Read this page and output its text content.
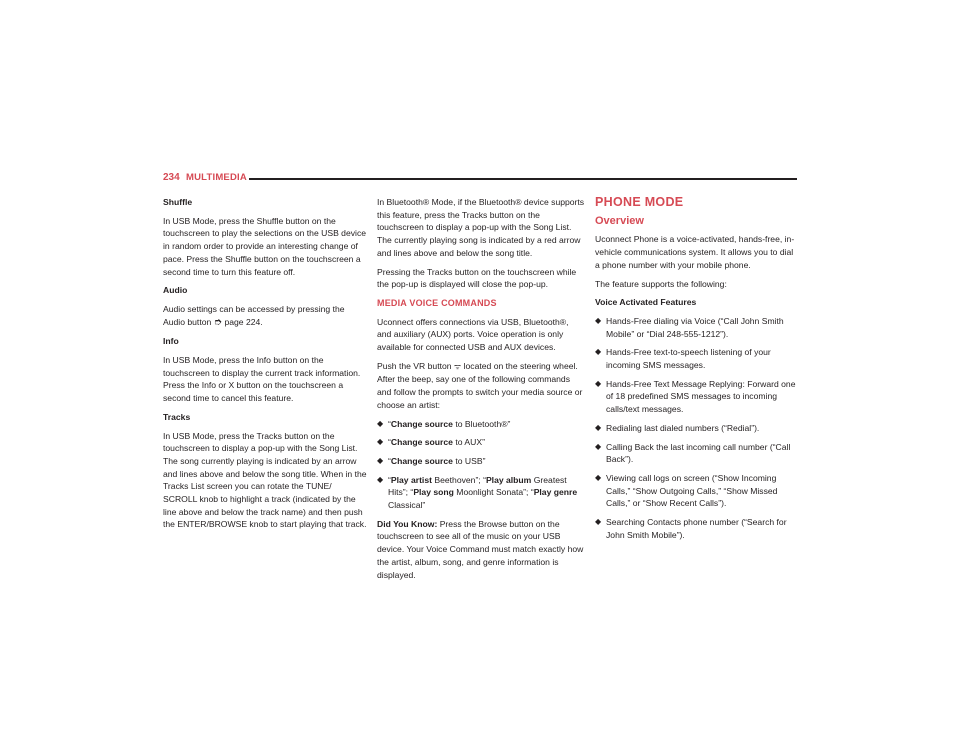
234 MULTIMEDIA

Shuffle

In USB Mode, press the Shuffle button on the touchscreen to play the selections on the USB device in random order to provide an interesting change of pace. Press the Shuffle button on the touchscreen a second time to turn this feature off.

Audio

Audio settings can be accessed by pressing the Audio button ➮ page 224.

Info

In USB Mode, press the Info button on the touchscreen to display the current track information. Press the Info or X button on the touchscreen a second time to cancel this feature.

Tracks

In USB Mode, press the Tracks button on the touchscreen to display a pop-up with the Song List. The song currently playing is indicated by an arrow and lines above and below the song title. When in the Tracks List screen you can rotate the TUNE/ SCROLL knob to highlight a track (indicated by the line above and below the track name) and then push the ENTER/BROWSE knob to start playing that track.

In Bluetooth® Mode, if the Bluetooth® device supports this feature, press the Tracks button on the touchscreen to display a pop-up with the Song List. The currently playing song is indicated by a red arrow and lines above and below the song title.

Pressing the Tracks button on the touchscreen while the pop-up is displayed will close the pop-up.

MEDIA VOICE COMMANDS

Uconnect offers connections via USB, Bluetooth®, and auxiliary (AUX) ports. Voice operation is only available for connected USB and AUX devices.

Push the VR button ᯤ located on the steering wheel. After the beep, say one of the following commands and follow the prompts to switch your media source or choose an artist:

◆ “Change source to Bluetooth®”
◆ “Change source to AUX”
◆ “Change source to USB”
◆ “Play artist Beethoven”; “Play album Greatest Hits”; “Play song Moonlight Sonata”; “Play genre Classical”

Did You Know: Press the Browse button on the touchscreen to see all of the music on your USB device. Your Voice Command must match exactly how the artist, album, song, and genre information is displayed.

PHONE MODE

Overview

Uconnect Phone is a voice-activated, hands-free, in-vehicle communications system. It allows you to dial a phone number with your mobile phone.

The feature supports the following:

Voice Activated Features

◆ Hands-Free dialing via Voice (“Call John Smith Mobile” or “Dial 248-555-1212”).
◆ Hands-Free text-to-speech listening of your incoming SMS messages.
◆ Hands-Free Text Message Replying: Forward one of 18 predefined SMS messages to incoming calls/text messages.
◆ Redialing last dialed numbers (“Redial”).
◆ Calling Back the last incoming call number (“Call Back”).
◆ Viewing call logs on screen (“Show Incoming Calls,” “Show Outgoing Calls,” “Show Missed Calls,” or “Show Recent Calls”).
◆ Searching Contacts phone number (“Search for John Smith Mobile”).
